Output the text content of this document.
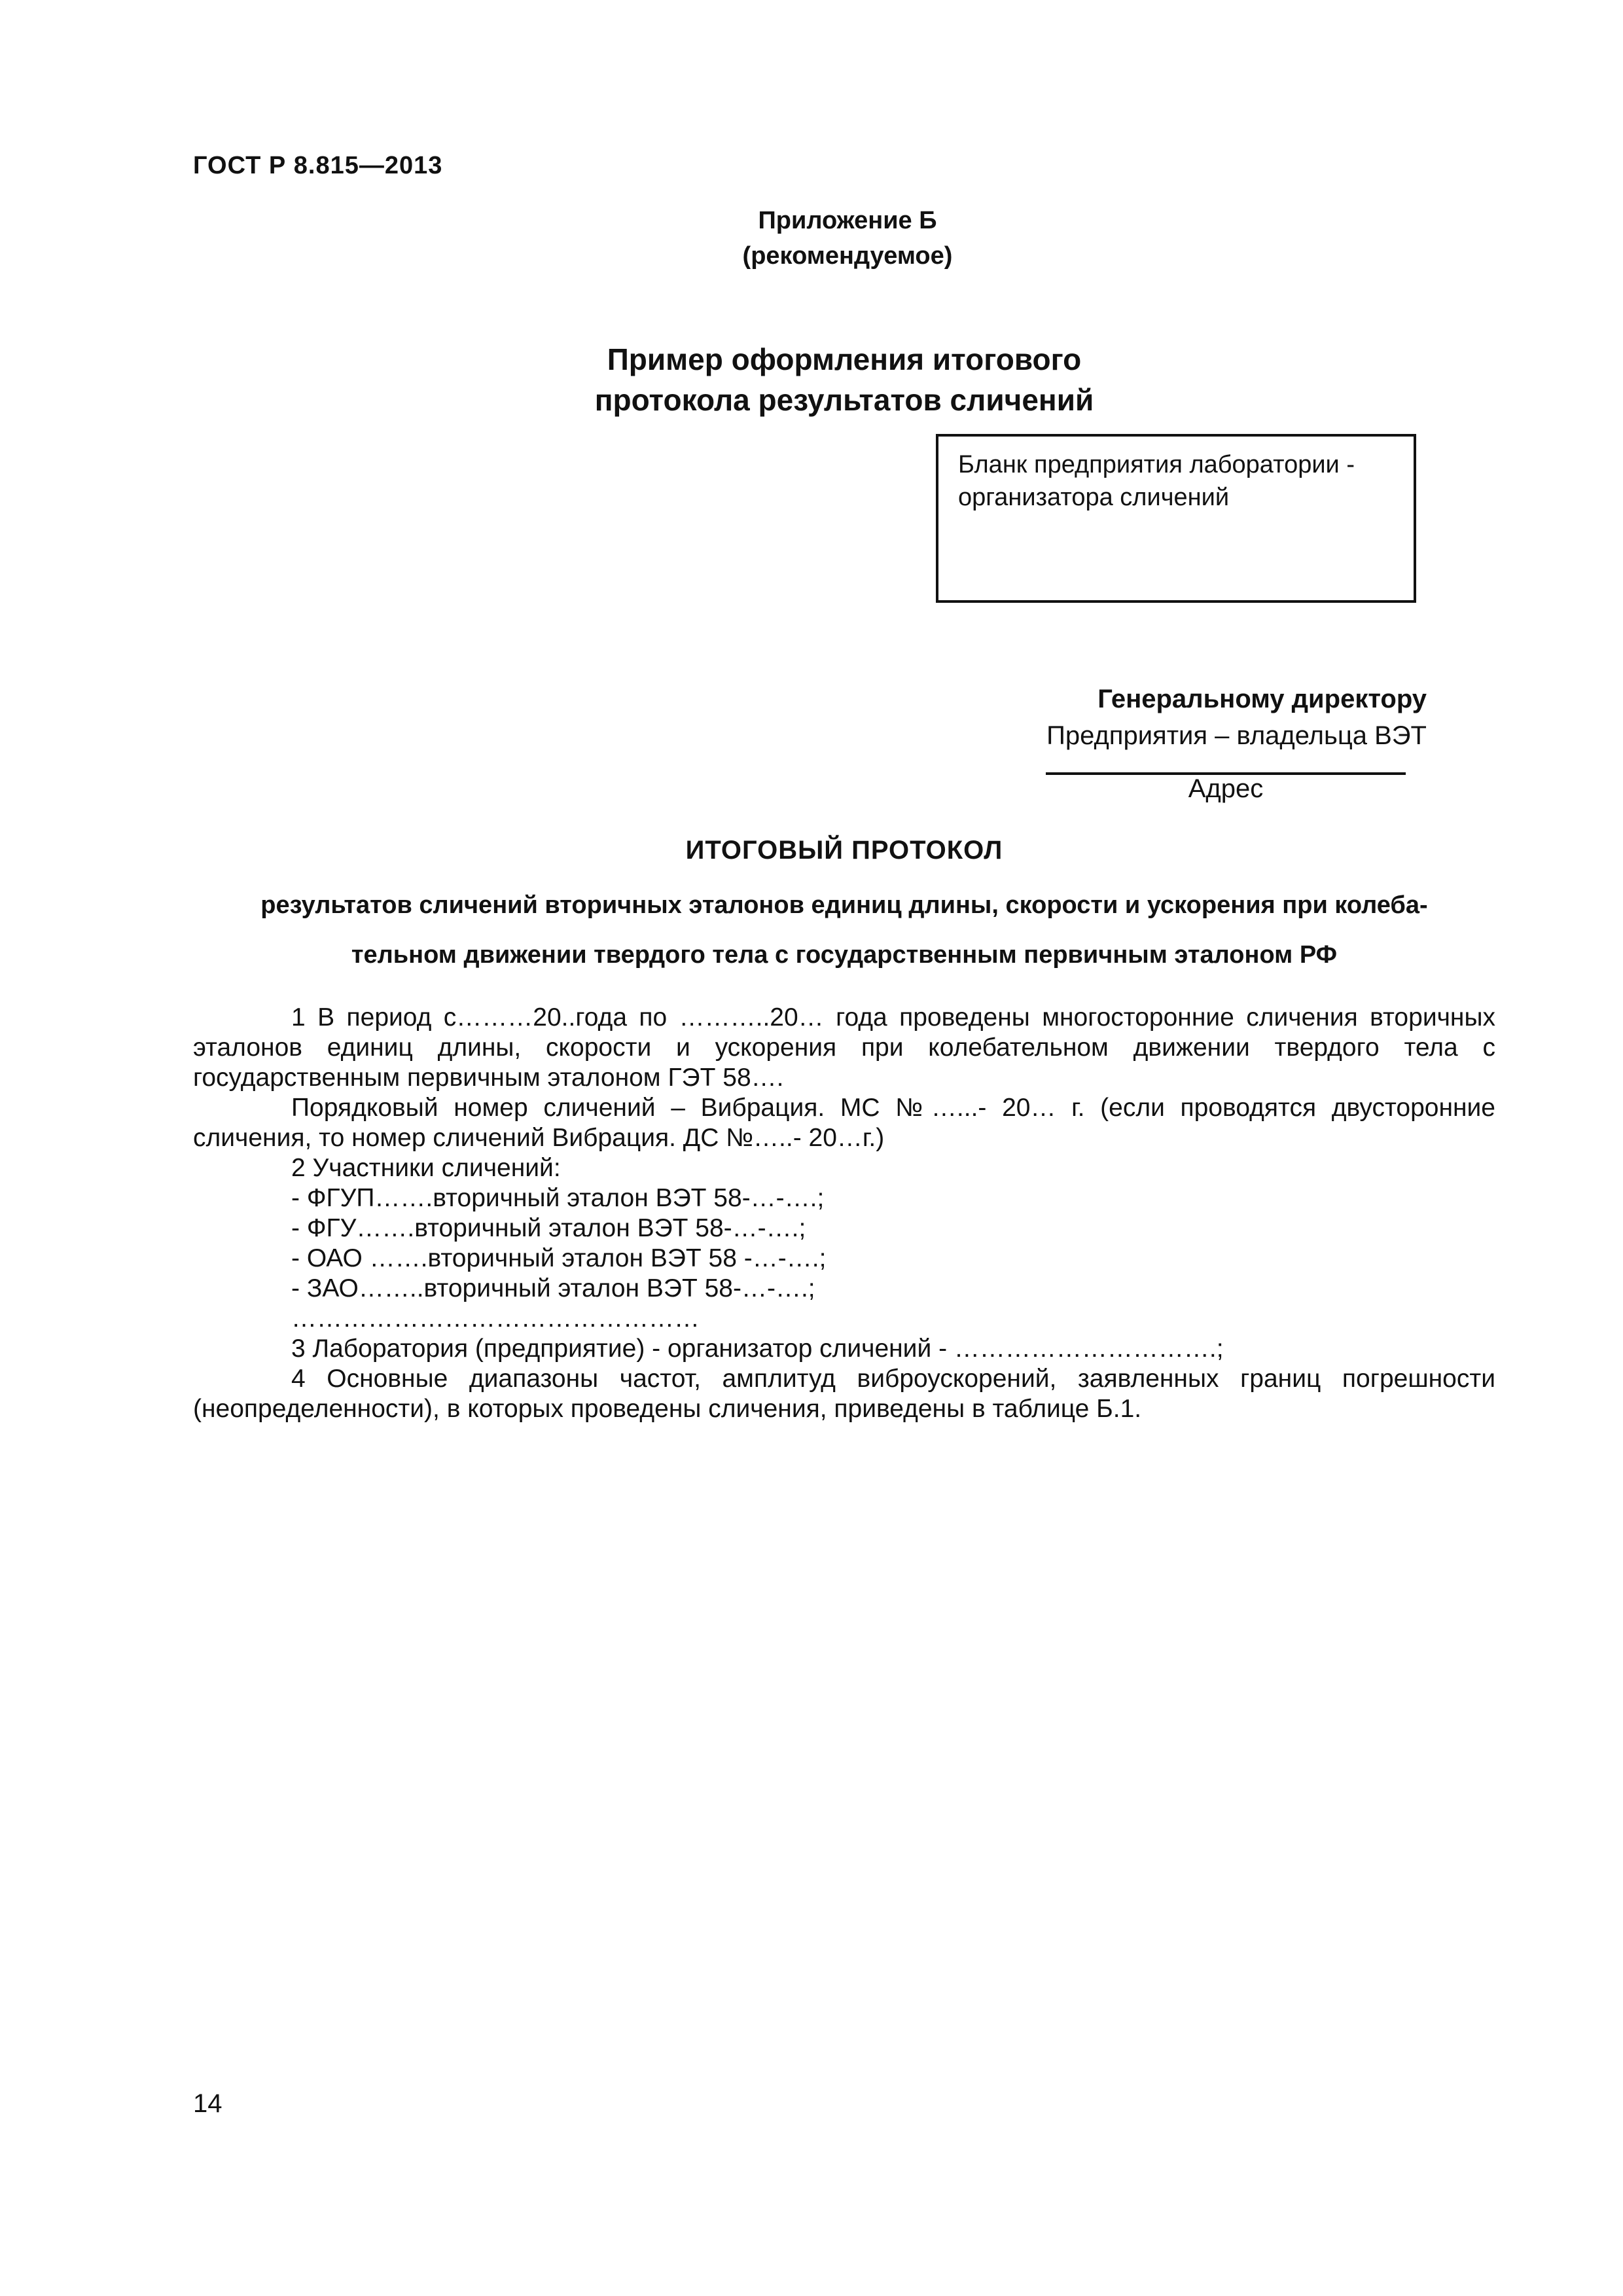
ГОСТ Р 8.815—2013
Приложение Б
(рекомендуемое)
Пример оформления итогового
протокола результатов сличений
Бланк предприятия лаборатории -
организатора сличений
Генеральному директору
Предприятия – владельца ВЭТ
Адрес
ИТОГОВЫЙ ПРОТОКОЛ
результатов сличений вторичных эталонов единиц длины, скорости и ускорения при колеба-
тельном движении твердого тела с государственным первичным эталоном РФ

1 В период с………20..года по ………..20… года проведены многосторонние сличения вторичных эталонов единиц длины, скорости и ускорения при колебательном движении твердого тела с государственным первичным эталоном ГЭТ 58….

Порядковый номер сличений – Вибрация. МС №…...- 20… г. (если проводятся двусторонние сличения, то номер сличений Вибрация. ДС №…..- 20…г.)

2 Участники сличений:

- ФГУП…….вторичный эталон ВЭТ 58-…-….;
- ФГУ…….вторичный эталон ВЭТ 58-…-….;
- ОАО …….вторичный эталон ВЭТ 58 -…-….;
- ЗАО……..вторичный эталон ВЭТ 58-…-….;
…………………………………………

3 Лаборатория (предприятие) - организатор сличений - ………………………….;

4 Основные диапазоны частот, амплитуд виброускорений, заявленных границ погрешности (неопределенности), в которых проведены сличения, приведены в таблице Б.1.

14
